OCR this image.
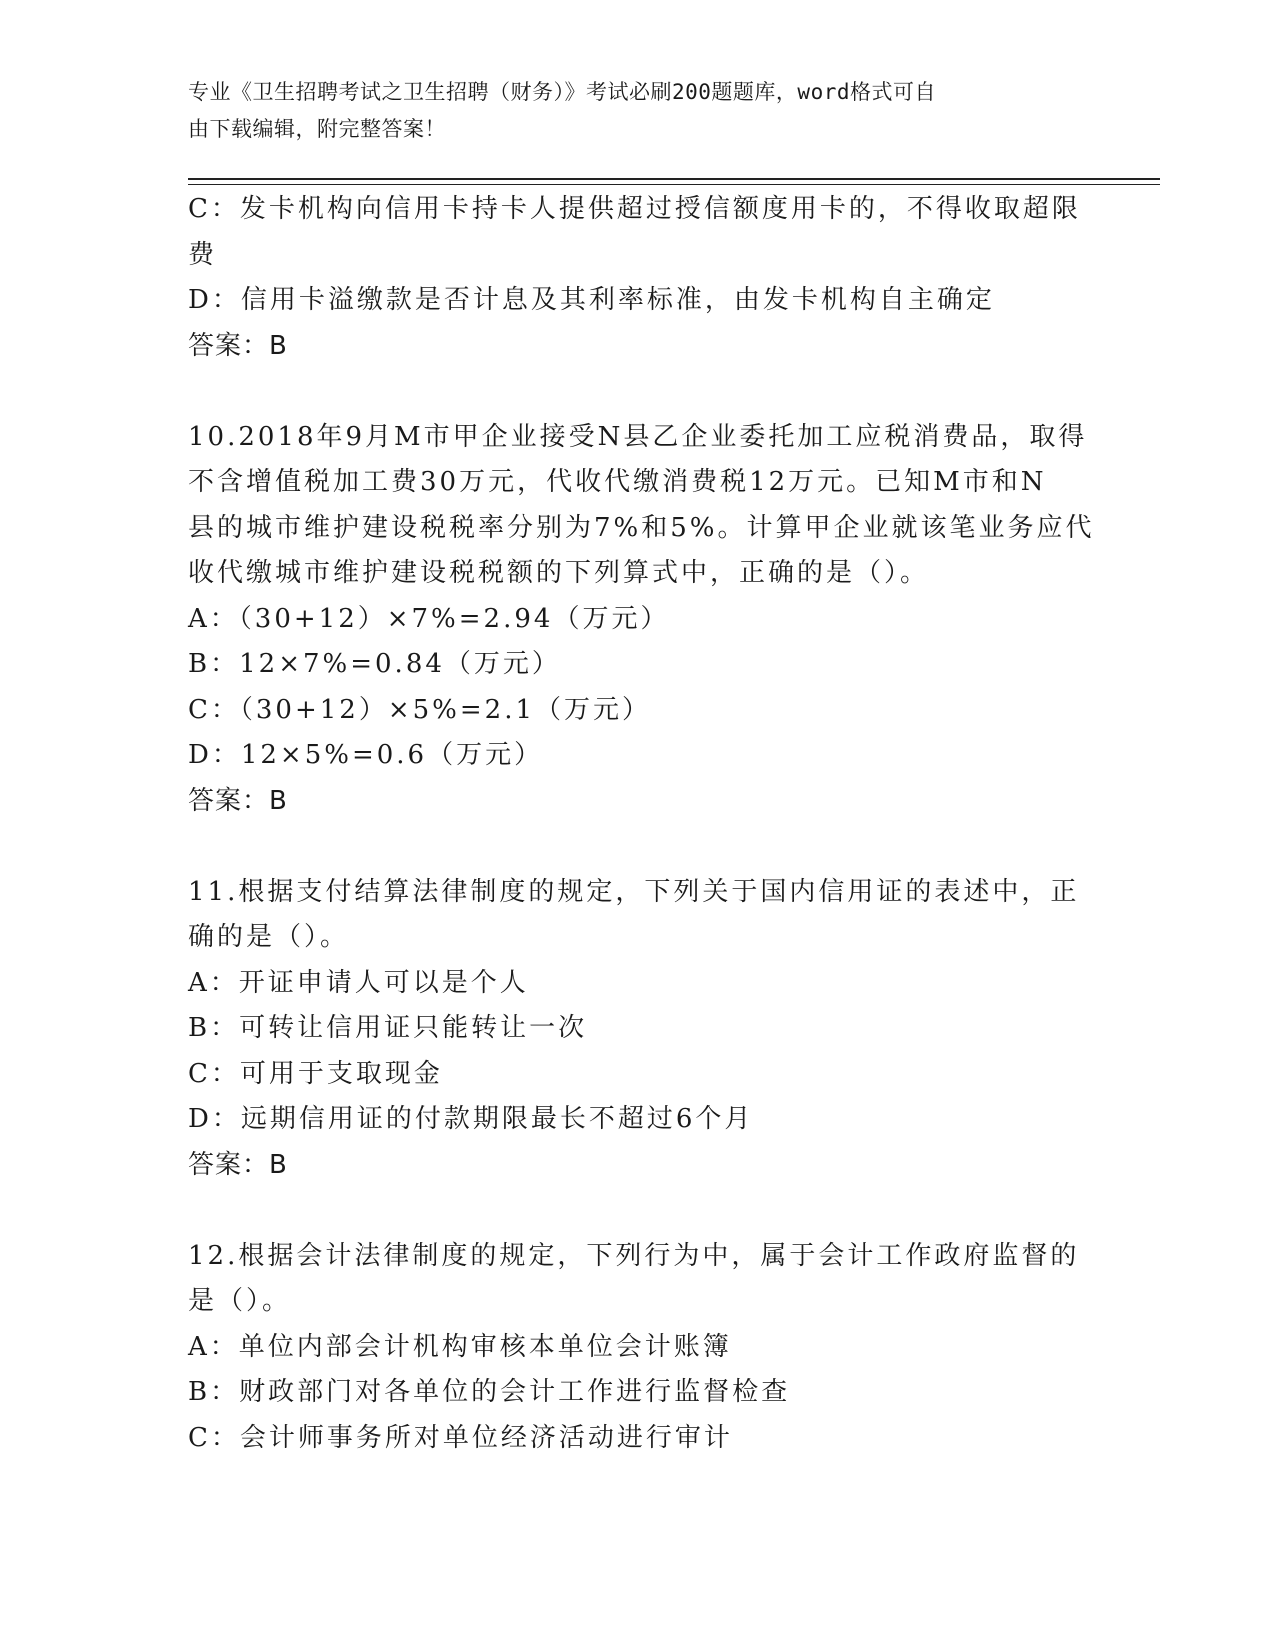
专业《卫生招聘考试之卫生招聘（财务）》考试必刷200题题库，word格式可自
由下载编辑，附完整答案！
C：发卡机构向信用卡持卡人提供超过授信额度用卡的，不得收取超限
费
D：信用卡溢缴款是否计息及其利率标准，由发卡机构自主确定
答案：B
10.2018年9月M市甲企业接受N县乙企业委托加工应税消费品，取得
不含增值税加工费30万元，代收代缴消费税12万元。已知M市和N
县的城市维护建设税税率分别为7%和5%。计算甲企业就该笔业务应代
收代缴城市维护建设税税额的下列算式中，正确的是（）。
A：（30+12）×7%=2.94（万元）
B：12×7%=0.84（万元）
C：（30+12）×5%=2.1（万元）
D：12×5%=0.6（万元）
答案：B
11.根据支付结算法律制度的规定，下列关于国内信用证的表述中，正
确的是（）。
A：开证申请人可以是个人
B：可转让信用证只能转让一次
C：可用于支取现金
D：远期信用证的付款期限最长不超过6个月
答案：B
12.根据会计法律制度的规定，下列行为中，属于会计工作政府监督的
是（）。
A：单位内部会计机构审核本单位会计账簿
B：财政部门对各单位的会计工作进行监督检查
C：会计师事务所对单位经济活动进行审计
